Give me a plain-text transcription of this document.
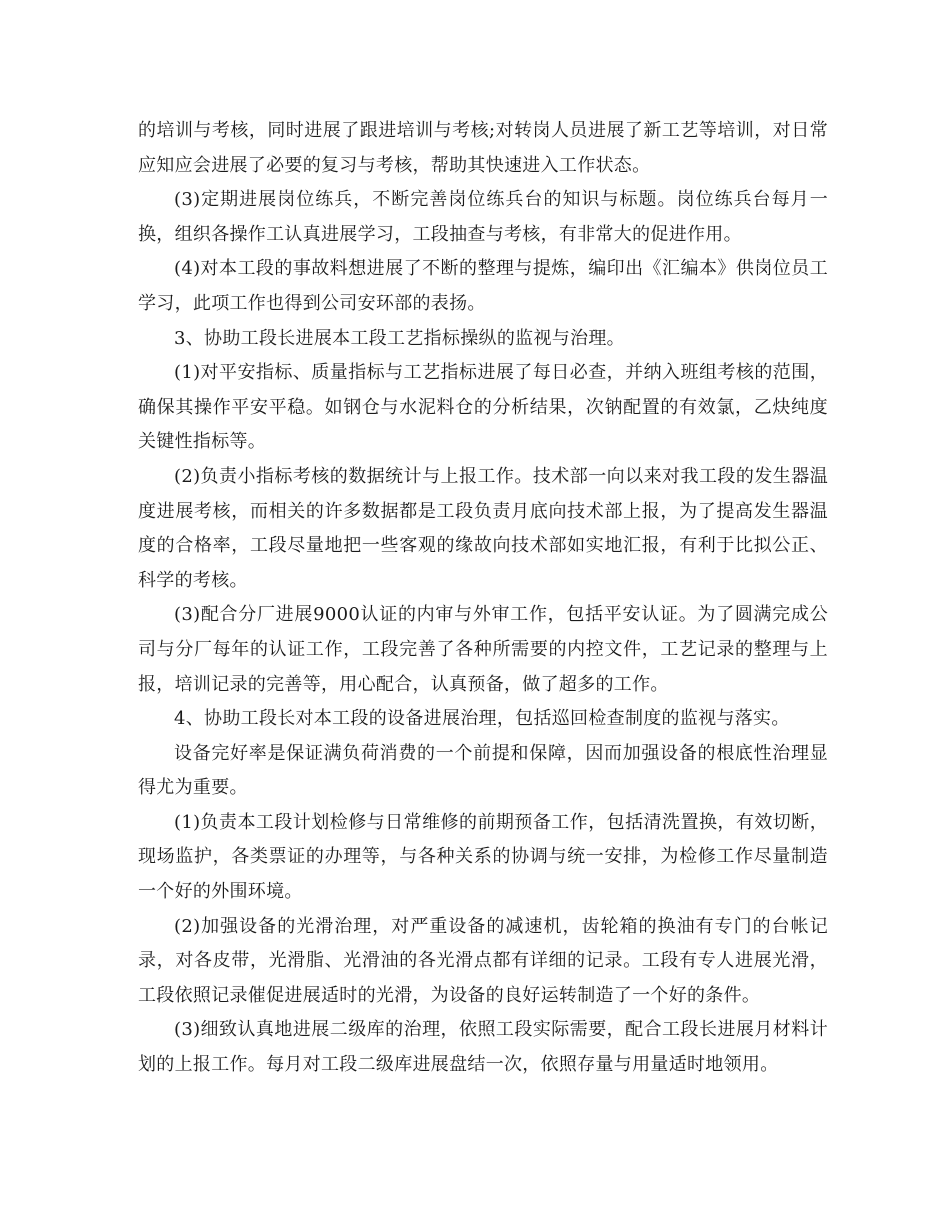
的培训与考核，同时进展了跟进培训与考核;对转岗人员进展了新工艺等培训，对日常应知应会进展了必要的复习与考核，帮助其快速进入工作状态。

(3)定期进展岗位练兵，不断完善岗位练兵台的知识与标题。岗位练兵台每月一换，组织各操作工认真进展学习，工段抽查与考核，有非常大的促进作用。

(4)对本工段的事故料想进展了不断的整理与提炼，编印出《汇编本》供岗位员工学习，此项工作也得到公司安环部的表扬。

3、协助工段长进展本工段工艺指标操纵的监视与治理。

(1)对平安指标、质量指标与工艺指标进展了每日必查，并纳入班组考核的范围，确保其操作平安平稳。如钢仓与水泥料仓的分析结果，次钠配置的有效氯，乙炔纯度关键性指标等。

(2)负责小指标考核的数据统计与上报工作。技术部一向以来对我工段的发生器温度进展考核，而相关的许多数据都是工段负责月底向技术部上报，为了提高发生器温度的合格率，工段尽量地把一些客观的缘故向技术部如实地汇报，有利于比拟公正、科学的考核。

(3)配合分厂进展9000认证的内审与外审工作，包括平安认证。为了圆满完成公司与分厂每年的认证工作，工段完善了各种所需要的内控文件，工艺记录的整理与上报，培训记录的完善等，用心配合，认真预备，做了超多的工作。

4、协助工段长对本工段的设备进展治理，包括巡回检查制度的监视与落实。

设备完好率是保证满负荷消费的一个前提和保障，因而加强设备的根底性治理显得尤为重要。

(1)负责本工段计划检修与日常维修的前期预备工作，包括清洗置换，有效切断，现场监护，各类票证的办理等，与各种关系的协调与统一安排，为检修工作尽量制造一个好的外围环境。

(2)加强设备的光滑治理，对严重设备的减速机，齿轮箱的换油有专门的台帐记录，对各皮带，光滑脂、光滑油的各光滑点都有详细的记录。工段有专人进展光滑，工段依照记录催促进展适时的光滑，为设备的良好运转制造了一个好的条件。

(3)细致认真地进展二级库的治理，依照工段实际需要，配合工段长进展月材料计划的上报工作。每月对工段二级库进展盘结一次，依照存量与用量适时地领用。
